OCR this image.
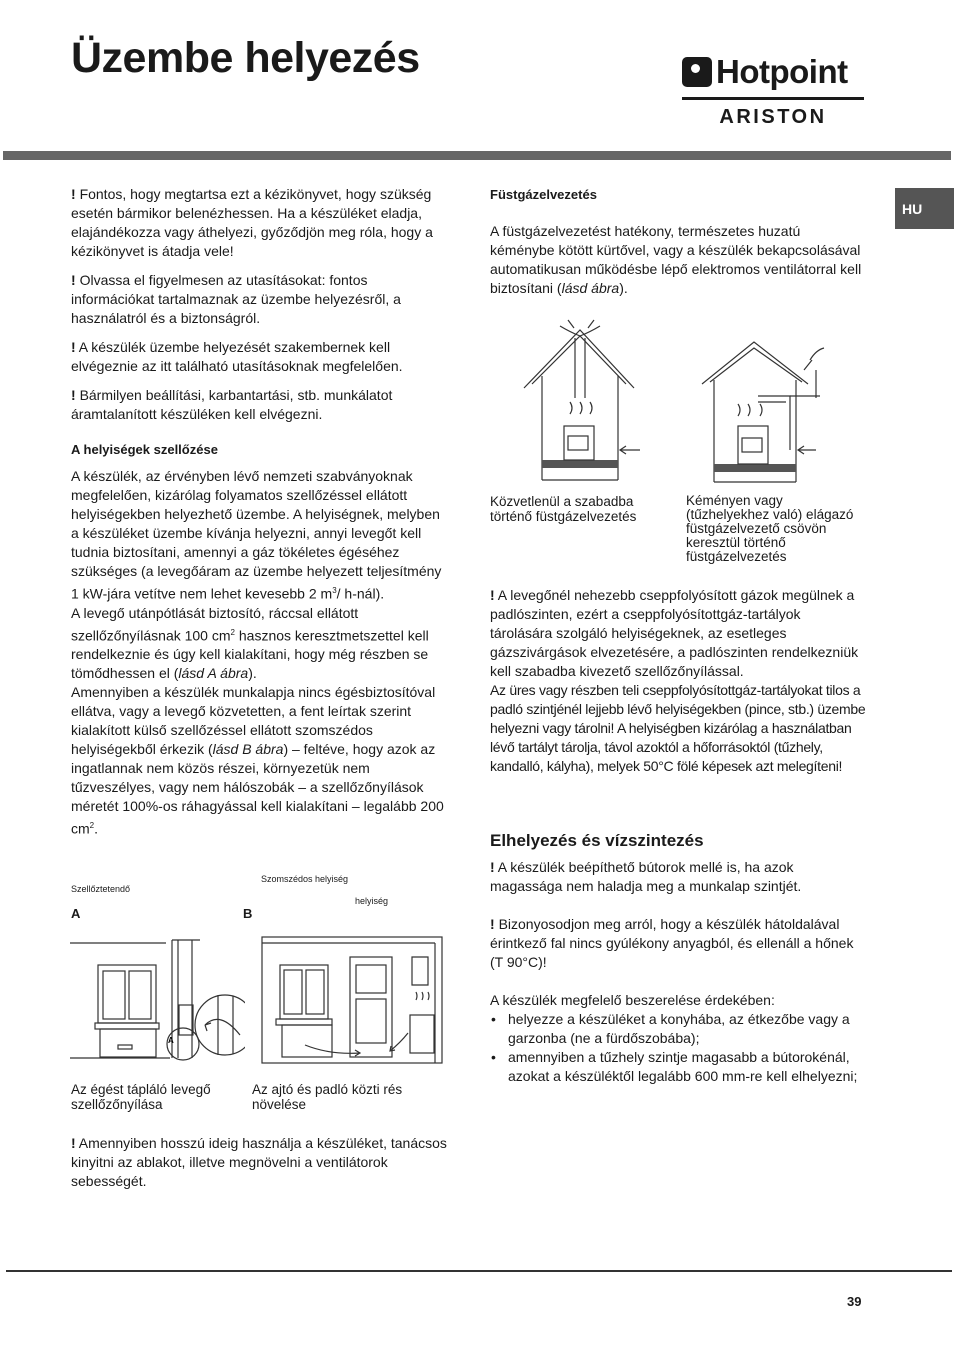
Üzembe helyezés	Hotpoint
ARISTON
HU

! Fontos, hogy megtartsa ezt a kézikönyvet, hogy szükség esetén bármikor belenézhessen. Ha a készüléket eladja, elajándékozza vagy áthelyezi, győződjön meg róla, hogy a kézikönyvet is átadja vele!

! Olvassa el figyelmesen az utasításokat: fontos információkat tartalmaznak az üzembe helyezésről, a használatról és a biztonságról.

! A készülék üzembe helyezését szakembernek kell elvégeznie az itt található utasításoknak megfelelően.

! Bármilyen beállítási, karbantartási, stb. munkálatot áramtalanított készüléken kell elvégezni.

A helyiségek szellőzése

A készülék, az érvényben lévő nemzeti szabványoknak megfelelően, kizárólag folyamatos szellőzéssel ellátott helyiségekben helyezhető üzembe. A helyiségnek, melyben a készüléket üzembe kívánja helyezni, annyi levegőt kell tudnia biztosítani, amennyi a gáz tökéletes égéséhez szükséges (a levegőáram az üzembe helyezett teljesítmény 1 kW-jára vetítve nem lehet kevesebb 2 $m^3/$ h-nál).

A levegő utánpótlását biztosító, ráccsal ellátott szellőzőnyílásnak 100 $cm^2$ hasznos keresztmetszettel kell rendelkeznie és úgy kell kialakítani, hogy még részben se tömődhessen el (lásd A ábra).

Amennyiben a készülék munkalapja nincs égésbiztosítóval ellátva, vagy a levegő közvetetten, a fent leírtak szerint kialakított külső szellőzéssel ellátott szomszédos helyiségekből érkezik (lásd B ábra) – feltéve, hogy azok az ingatlannak nem közös részei, környezetük nem tűzveszélyes, vagy nem hálószobák – a szellőzőnyílások méretét 100%-os ráhagyással kell kialakítani – legalább 200 $cm^2$.

Szellőztetendő
Szomszédos helyiség
helyiség
A	B
A
Az égést tápláló levegő szellőzőnyílása
Az ajtó és padló közti rés növelése

! Amennyiben hosszú ideig használja a készüléket, tanácsos kinyitni az ablakot, illetve megnövelni a ventilátorok sebességét.

Füstgázelvezetés

A füstgázelvezetést hatékony, természetes huzatú kéménybe kötött kürtővel, vagy a készülék bekapcsolásával automatikusan működésbe lépő elektromos ventilátorral kell biztosítani (lásd ábra).

Közvetlenül a szabadba történő füstgázelvezetés
Kéményen vagy (tűzhelyekhez való) elágazó füstgázelvezető csövön keresztül történő füstgázelvezetés

! A levegőnél nehezebb cseppfolyósított gázok megülnek a padlószinten, ezért a cseppfolyósítottgáz-tartályok tárolására szolgáló helyiségeknek, az esetleges gázszivárgások elvezetésére, a padlószinten rendelkezniük kell szabadba kivezető szellőzőnyílással.

Az üres vagy részben teli cseppfolyósítottgáz-tartályokat tilos a padló szintjénél lejjebb lévő helyiségekben (pince, stb.) üzembe helyezni vagy tárolni! A helyiségben kizárólag a használatban lévő tartályt tárolja, távol azoktól a hőforrásoktól (tűzhely, kandalló, kályha), melyek 50°C fölé képesek azt melegíteni!

Elhelyezés és vízszintezés

! A készülék beépíthető bútorok mellé is, ha azok magassága nem haladja meg a munkalap szintjét.

! Bizonyosodjon meg arról, hogy a készülék hátoldalával érintkező fal nincs gyúlékony anyagból, és ellenáll a hőnek (T 90°C)!

A készülék megfelelő beszerelése érdekében:

• helyezze a készüléket a konyhába, az étkezőbe vagy a garzonba (ne a fürdőszobába);
• amennyiben a tűzhely szintje magasabb a bútorokénál, azokat a készüléktől legalább 600 mm-re kell elhelyezni;
39
